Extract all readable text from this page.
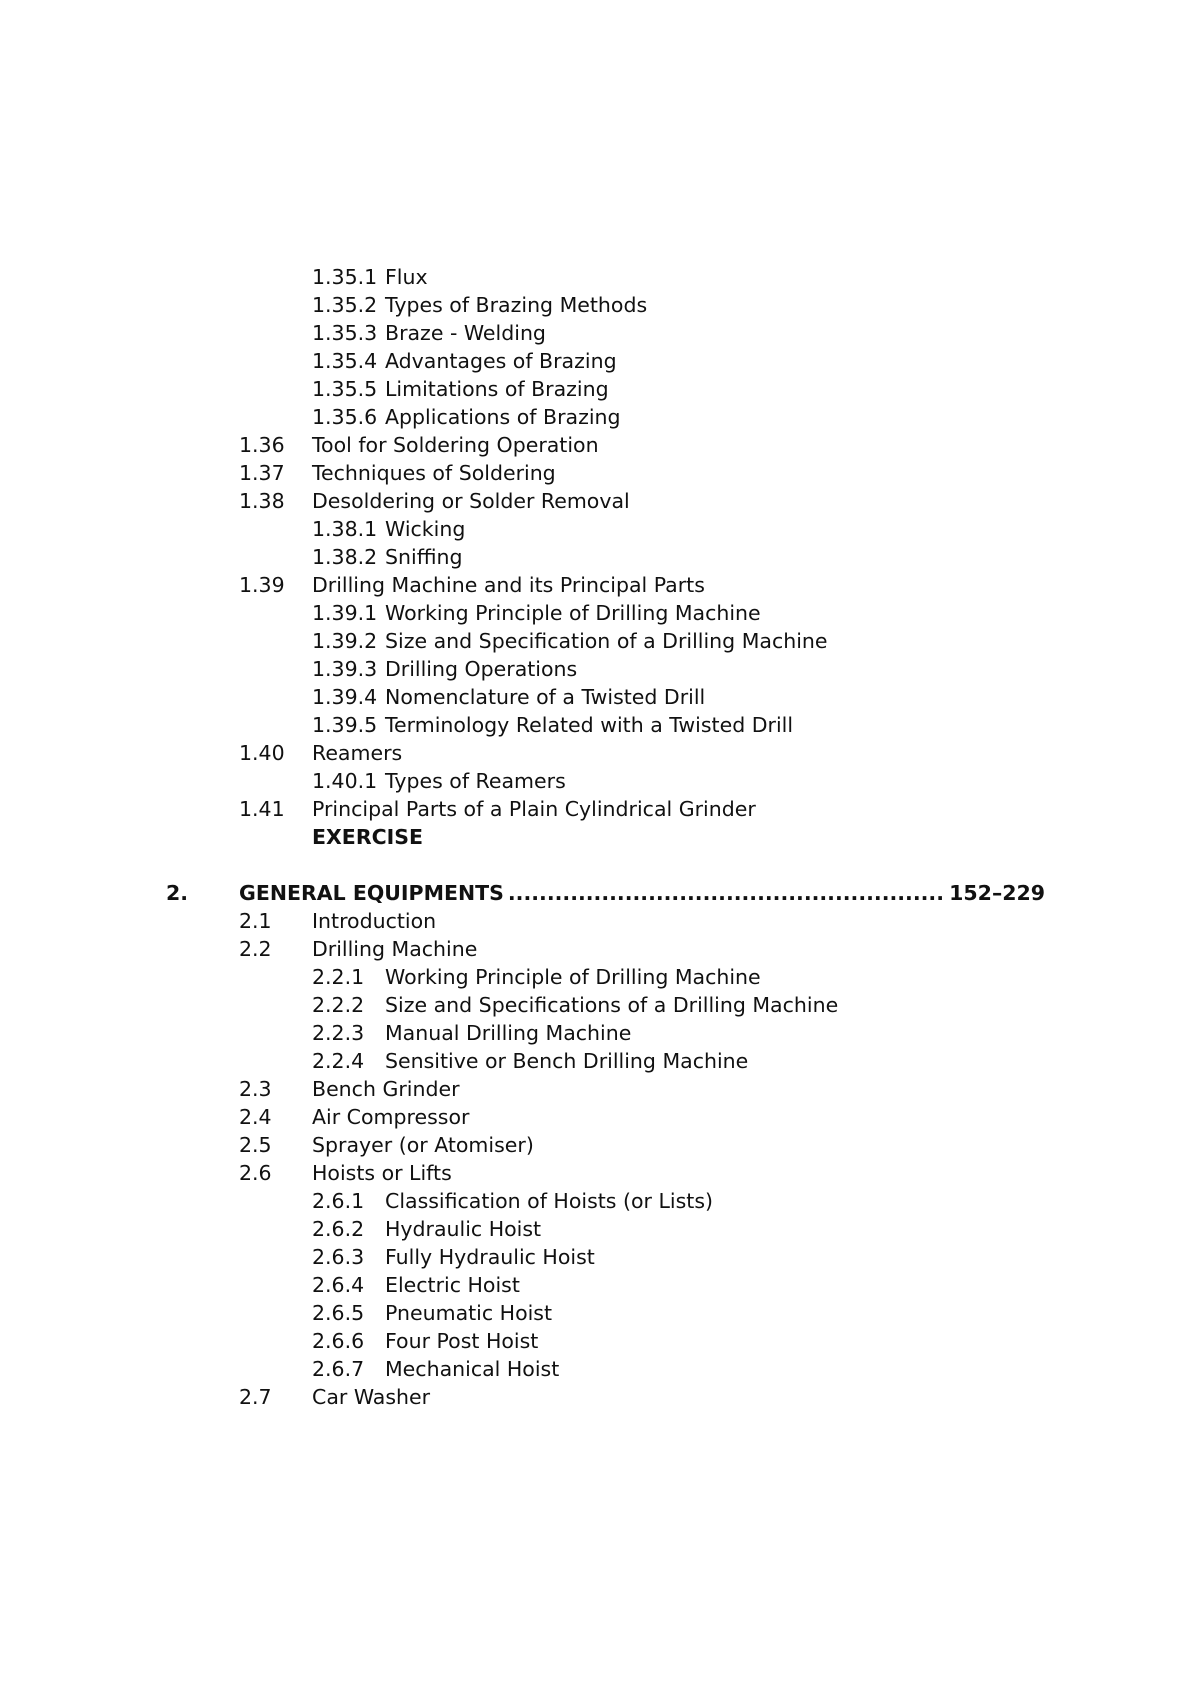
1.35.1 Flux
1.35.2 Types of Brazing Methods
1.35.3 Braze - Welding
1.35.4 Advantages of Brazing
1.35.5 Limitations of Brazing
1.35.6 Applications of Brazing
1.36 Tool for Soldering Operation
1.37 Techniques of Soldering
1.38 Desoldering or Solder Removal
1.38.1 Wicking
1.38.2 Sniffing
1.39 Drilling Machine and its Principal Parts
1.39.1 Working Principle of Drilling Machine
1.39.2 Size and Specification of a Drilling Machine
1.39.3 Drilling Operations
1.39.4 Nomenclature of a Twisted Drill
1.39.5 Terminology Related with a Twisted Drill
1.40 Reamers
1.40.1 Types of Reamers
1.41 Principal Parts of a Plain Cylindrical Grinder
EXERCISE
2. GENERAL EQUIPMENTS ........................................................ 152–229
2.1 Introduction
2.2 Drilling Machine
2.2.1 Working Principle of Drilling Machine
2.2.2 Size and Specifications of a Drilling Machine
2.2.3 Manual Drilling Machine
2.2.4 Sensitive or Bench Drilling Machine
2.3 Bench Grinder
2.4 Air Compressor
2.5 Sprayer (or Atomiser)
2.6 Hoists or Lifts
2.6.1 Classification of Hoists (or Lists)
2.6.2 Hydraulic Hoist
2.6.3 Fully Hydraulic Hoist
2.6.4 Electric Hoist
2.6.5 Pneumatic Hoist
2.6.6 Four Post Hoist
2.6.7 Mechanical Hoist
2.7 Car Washer
